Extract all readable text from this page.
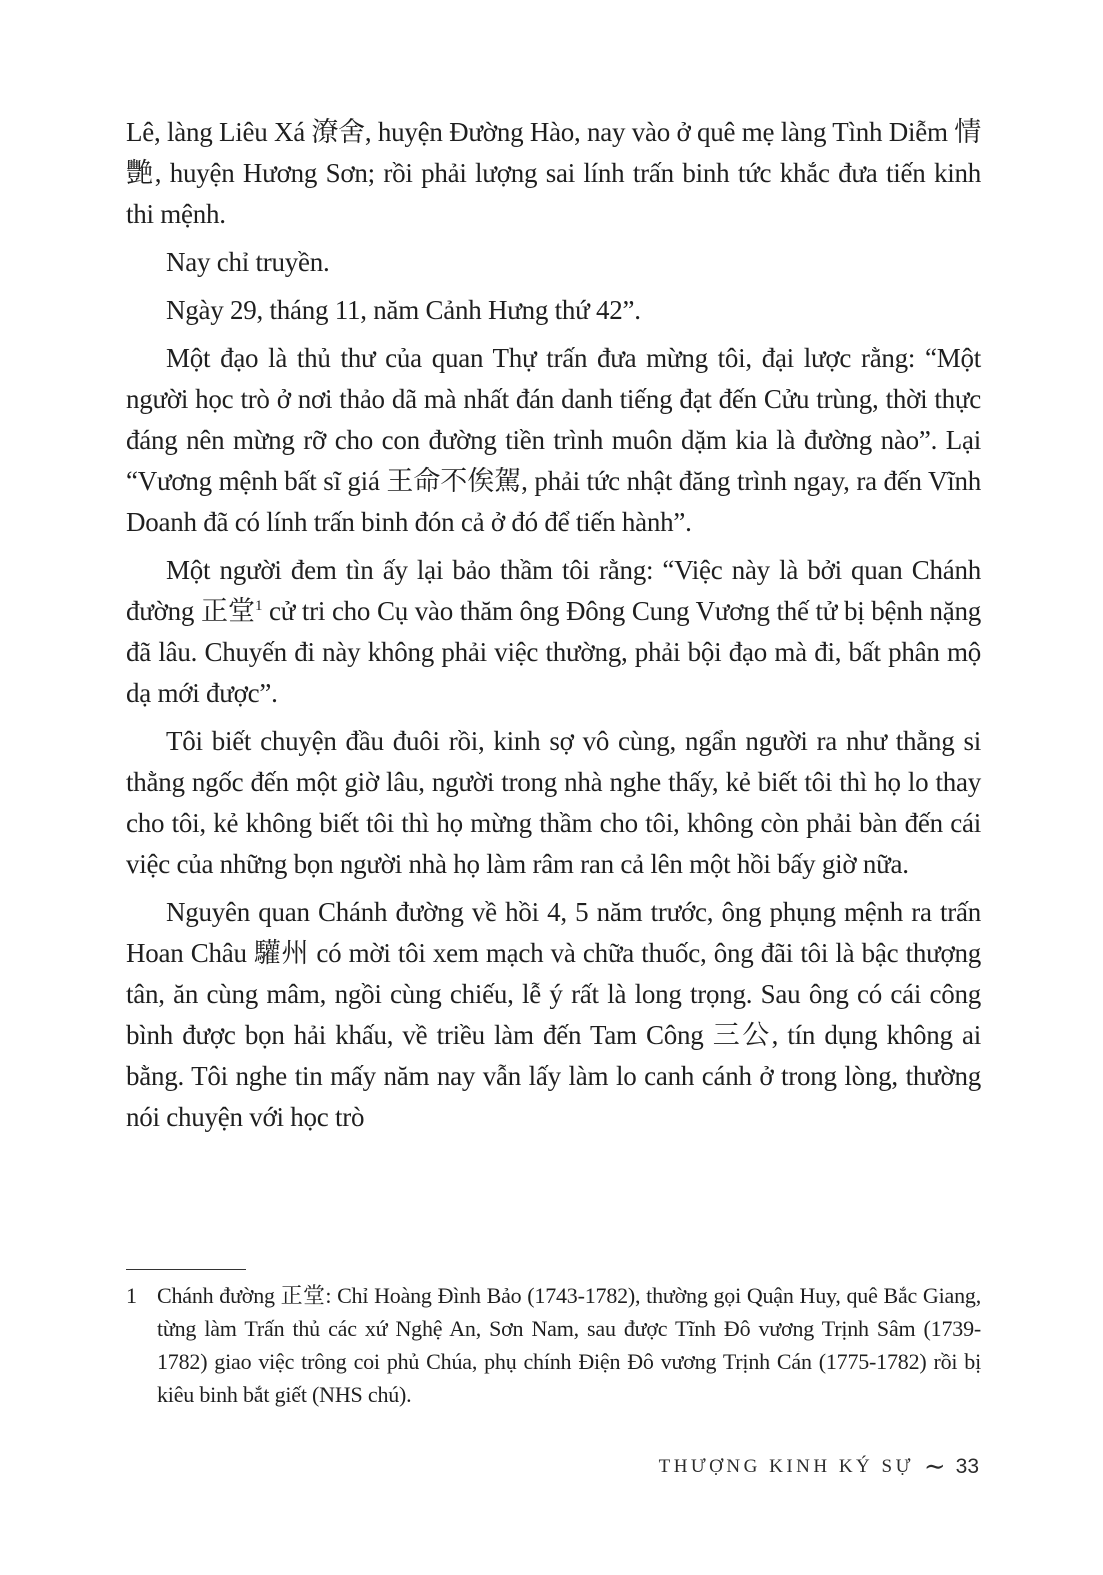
Lê, làng Liêu Xá 潦舍, huyện Đường Hào, nay vào ở quê mẹ làng Tình Diễm 情艷, huyện Hương Sơn; rồi phải lượng sai lính trấn binh tức khắc đưa tiến kinh thi mệnh.

Nay chỉ truyền.

Ngày 29, tháng 11, năm Cảnh Hưng thứ 42”.

Một đạo là thủ thư của quan Thự trấn đưa mừng tôi, đại lược rằng: “Một người học trò ở nơi thảo dã mà nhất đán danh tiếng đạt đến Cửu trùng, thời thực đáng nên mừng rỡ cho con đường tiền trình muôn dặm kia là đường nào”. Lại “Vương mệnh bất sĩ giá 王命不俟駕, phải tức nhật đăng trình ngay, ra đến Vĩnh Doanh đã có lính trấn binh đón cả ở đó để tiến hành”.

Một người đem tìn ấy lại bảo thầm tôi rằng: “Việc này là bởi quan Chánh đường 正堂$^1$ cử tri cho Cụ vào thăm ông Đông Cung Vương thế tử bị bệnh nặng đã lâu. Chuyến đi này không phải việc thường, phải bội đạo mà đi, bất phân mộ dạ mới được”.

Tôi biết chuyện đầu đuôi rồi, kinh sợ vô cùng, ngẩn người ra như thằng si thằng ngốc đến một giờ lâu, người trong nhà nghe thấy, kẻ biết tôi thì họ lo thay cho tôi, kẻ không biết tôi thì họ mừng thầm cho tôi, không còn phải bàn đến cái việc của những bọn người nhà họ làm râm ran cả lên một hồi bấy giờ nữa.

Nguyên quan Chánh đường về hồi 4, 5 năm trước, ông phụng mệnh ra trấn Hoan Châu 驩州 có mời tôi xem mạch và chữa thuốc, ông đãi tôi là bậc thượng tân, ăn cùng mâm, ngồi cùng chiếu, lễ ý rất là long trọng. Sau ông có cái công bình được bọn hải khấu, về triều làm đến Tam Công 三公, tín dụng không ai bằng. Tôi nghe tin mấy năm nay vẫn lấy làm lo canh cánh ở trong lòng, thường nói chuyện với học trò

1 Chánh đường 正堂: Chỉ Hoàng Đình Bảo (1743-1782), thường gọi Quận Huy, quê Bắc Giang, từng làm Trấn thủ các xứ Nghệ An, Sơn Nam, sau được Tĩnh Đô vương Trịnh Sâm (1739-1782) giao việc trông coi phủ Chúa, phụ chính Điện Đô vương Trịnh Cán (1775-1782) rồi bị kiêu binh bắt giết (NHS chú).
THƯỢNG KINH KÝ SỰ ∼ 33
